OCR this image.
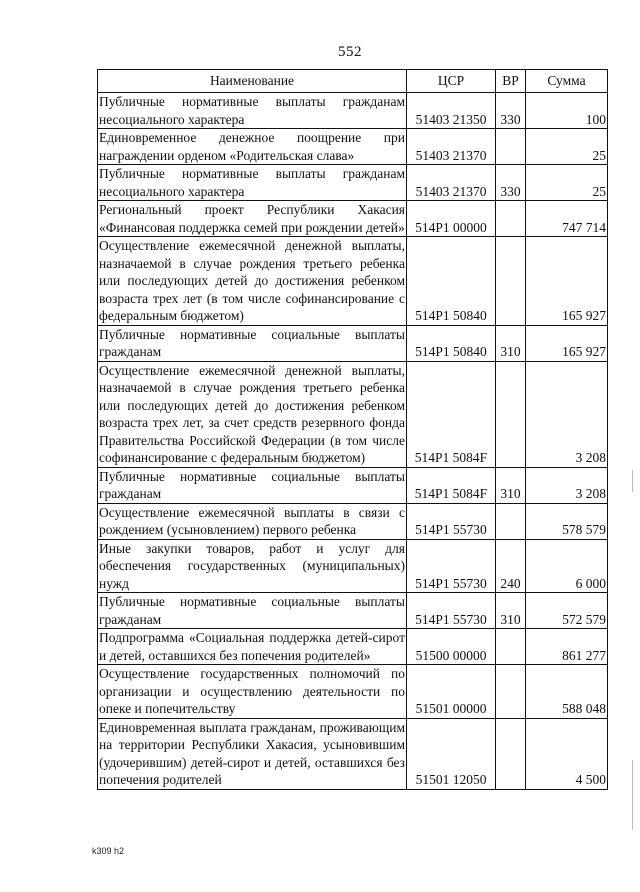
552
Наименование	ЦСР	ВР	Сумма
Публичные нормативные выплаты гражданам несоциального характера	51403 21350	330	100
Единовременное денежное поощрение при награждении орденом «Родительская слава»	51403 21370		25
Публичные нормативные выплаты гражданам несоциального характера	51403 21370	330	25
Региональный проект Республики Хакасия «Финансовая поддержка семей при рождении детей»	514P1 00000		747 714
Осуществление ежемесячной денежной выплаты, назначаемой в случае рождения третьего ребенка или последующих детей до достижения ребенком возраста трех лет (в том числе софинансирование с федеральным бюджетом)	514P1 50840		165 927
Публичные нормативные социальные выплаты гражданам	514P1 50840	310	165 927
Осуществление ежемесячной денежной выплаты, назначаемой в случае рождения третьего ребенка или последующих детей до достижения ребенком возраста трех лет, за счет средств резервного фонда Правительства Российской Федерации (в том числе софинансирование с федеральным бюджетом)	514P1 5084F		3 208
Публичные нормативные социальные выплаты гражданам	514P1 5084F	310	3 208
Осуществление ежемесячной выплаты в связи с рождением (усыновлением) первого ребенка	514P1 55730		578 579
Иные закупки товаров, работ и услуг для обеспечения государственных (муниципальных) нужд	514P1 55730	240	6 000
Публичные нормативные социальные выплаты гражданам	514P1 55730	310	572 579
Подпрограмма «Социальная поддержка детей-сирот и детей, оставшихся без попечения родителей»	51500 00000		861 277
Осуществление государственных полномочий по организации и осуществлению деятельности по опеке и попечительству	51501 00000		588 048
Единовременная выплата гражданам, проживающим на территории Республики Хакасия, усыновившим (удочерившим) детей-сирот и детей, оставшихся без попечения родителей	51501 12050		4 500
k309 h2
